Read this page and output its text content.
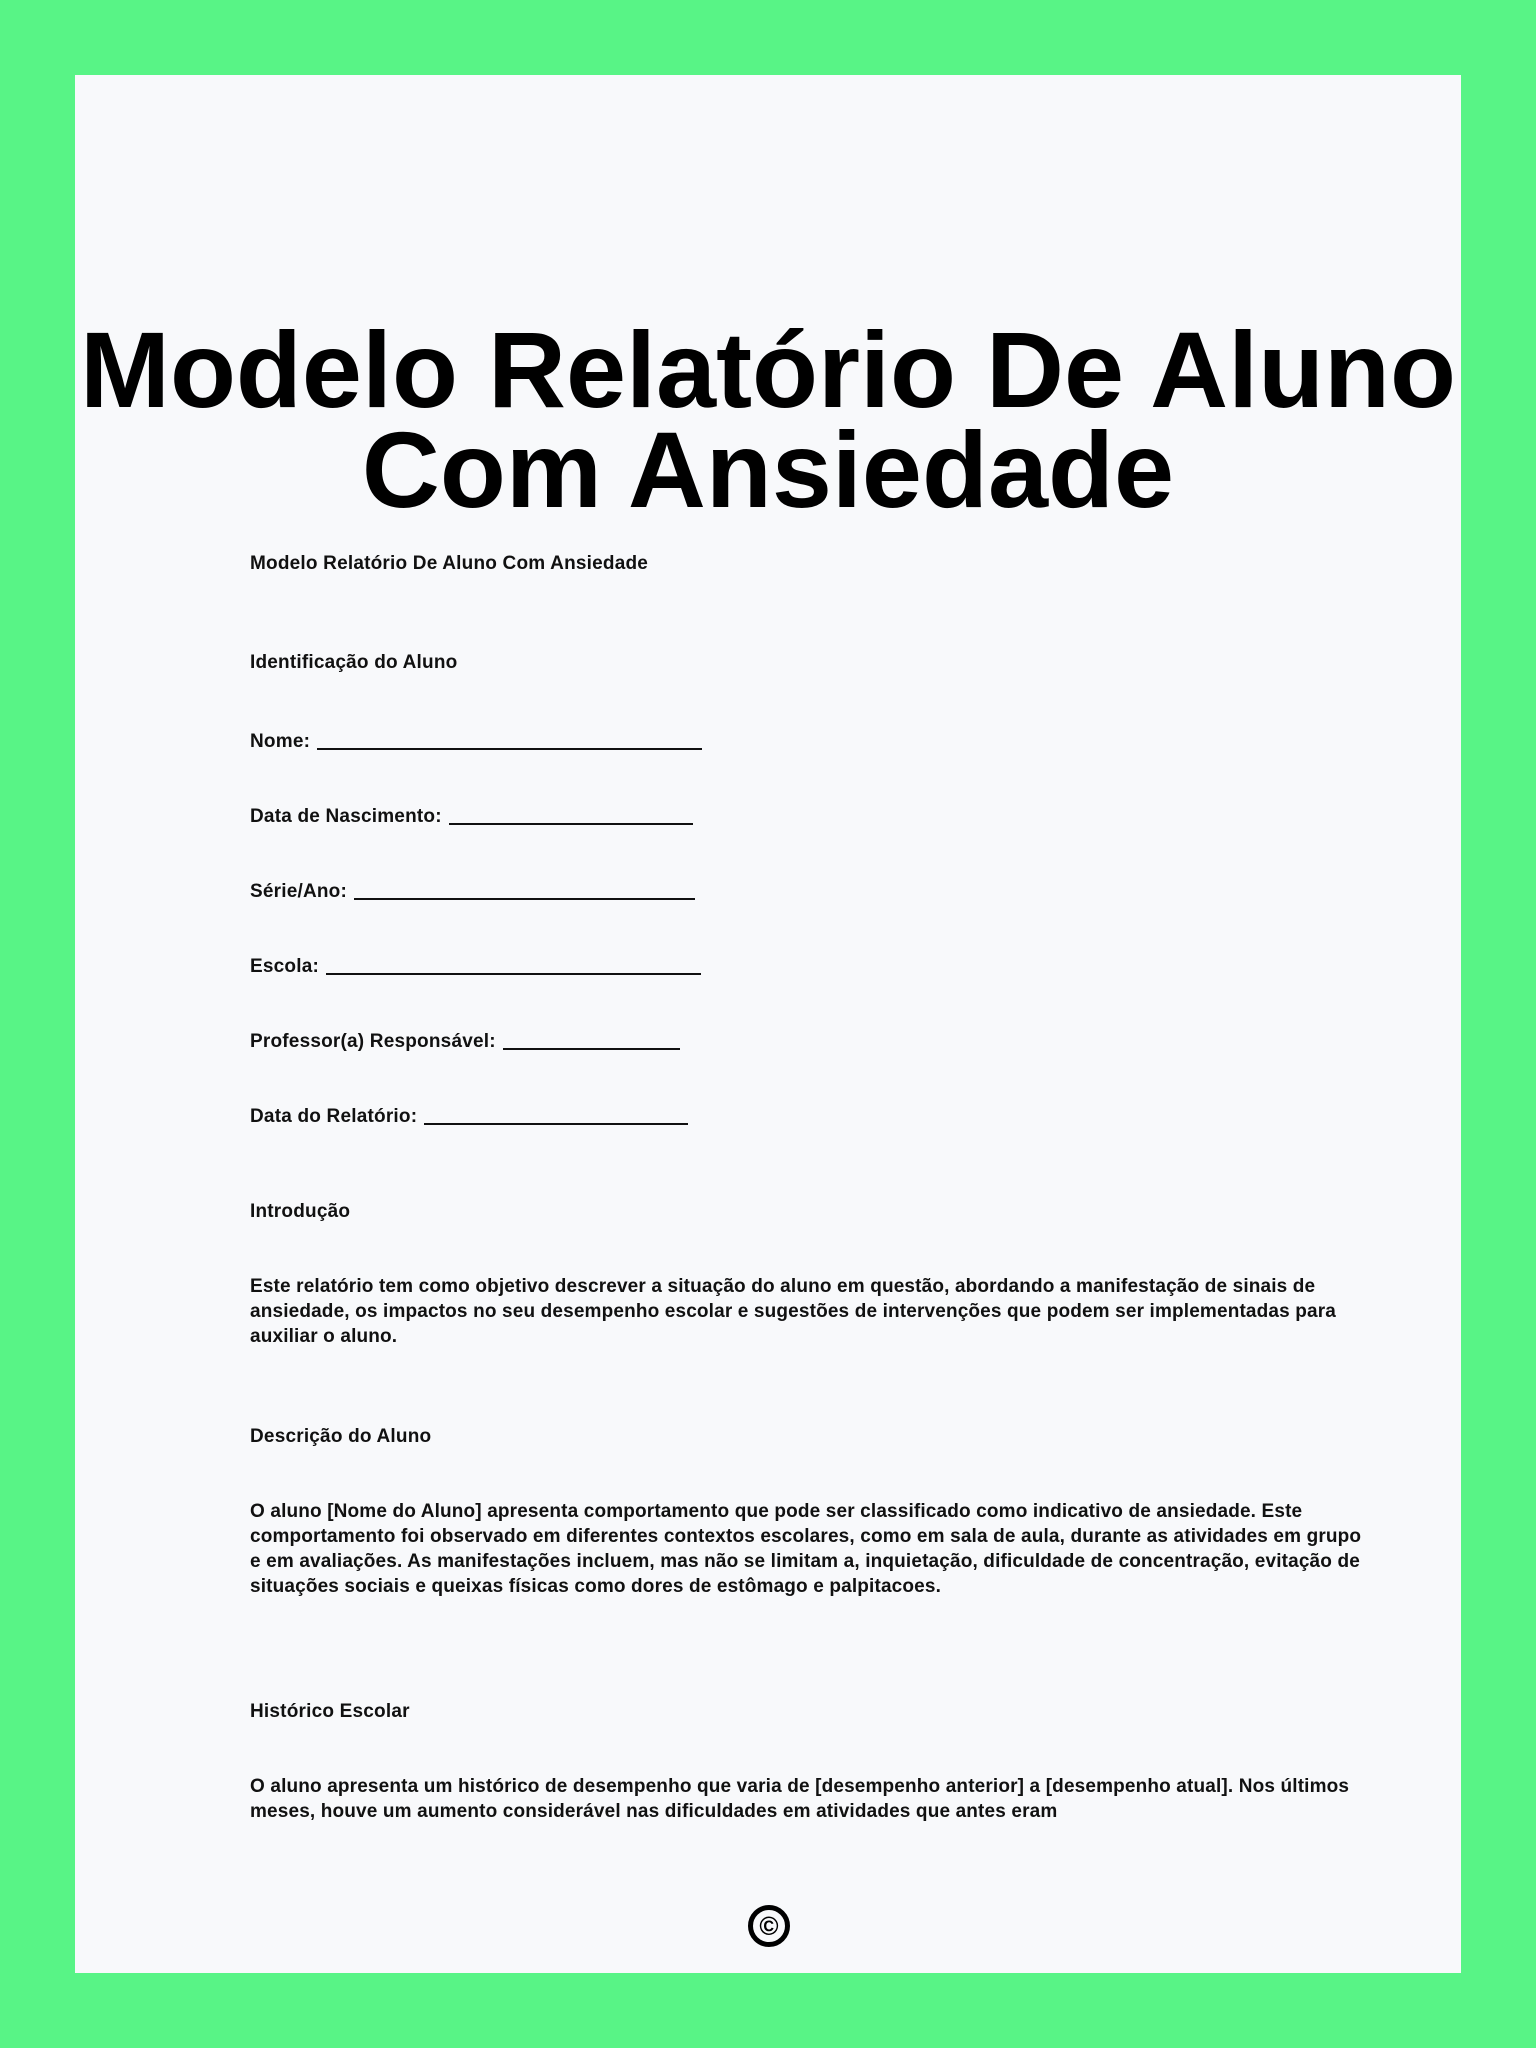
Modelo Relatório De Aluno Com Ansiedade
Modelo Relatório De Aluno Com Ansiedade
Identificação do Aluno
Nome:
Data de Nascimento:
Série/Ano:
Escola:
Professor(a) Responsável:
Data do Relatório:
Introdução
Este relatório tem como objetivo descrever a situação do aluno em questão, abordando a manifestação de sinais de ansiedade, os impactos no seu desempenho escolar e sugestões de intervenções que podem ser implementadas para auxiliar o aluno.
Descrição do Aluno
O aluno [Nome do Aluno] apresenta comportamento que pode ser classificado como indicativo de ansiedade. Este comportamento foi observado em diferentes contextos escolares, como em sala de aula, durante as atividades em grupo e em avaliações. As manifestações incluem, mas não se limitam a, inquietação, dificuldade de concentração, evitação de situações sociais e queixas físicas como dores de estômago e palpitacoes.
Histórico Escolar
O aluno apresenta um histórico de desempenho que varia de [desempenho anterior] a [desempenho atual]. Nos últimos meses, houve um aumento considerável nas dificuldades em atividades que antes eram
©
